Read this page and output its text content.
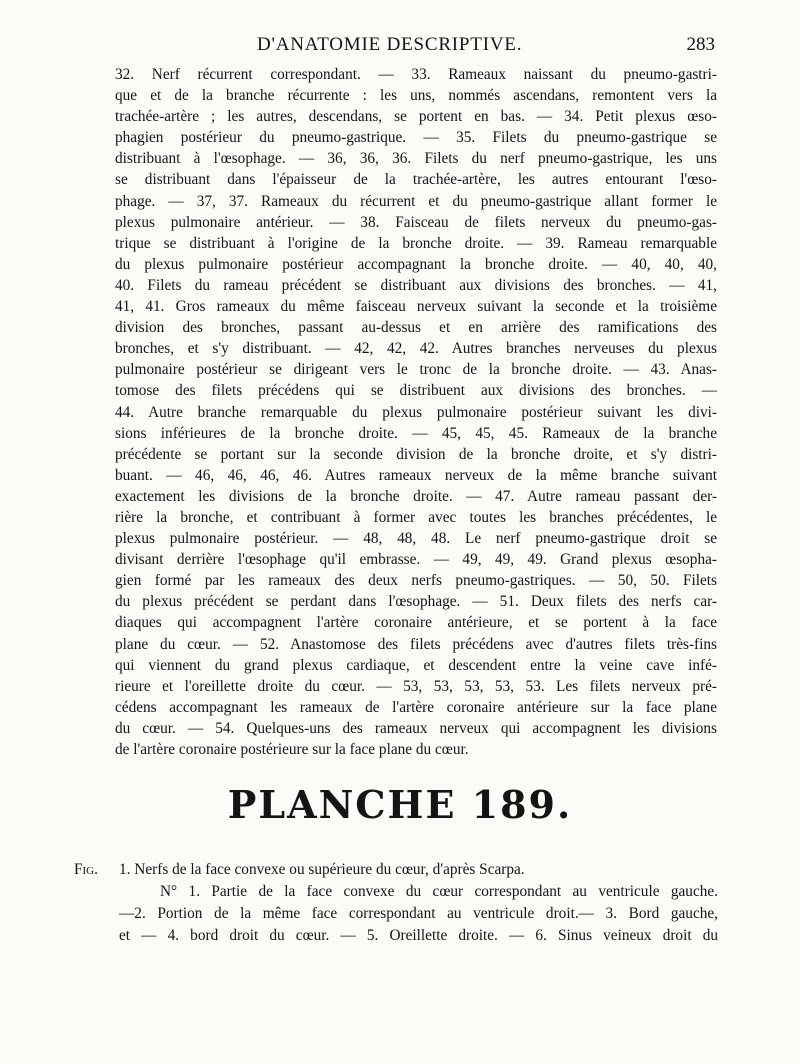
D'ANATOMIE DESCRIPTIVE.	283
32. Nerf récurrent correspondant. — 33. Rameaux naissant du pneumo-gastri-
que et de la branche récurrente : les uns, nommés ascendans, remontent vers la
trachée-artère ; les autres, descendans, se portent en bas. — 34. Petit plexus œso-
phagien postérieur du pneumo-gastrique. — 35. Filets du pneumo-gastrique se
distribuant à l'œsophage. — 36, 36, 36. Filets du nerf pneumo-gastrique, les uns
se distribuant dans l'épaisseur de la trachée-artère, les autres entourant l'œso-
phage. — 37, 37. Rameaux du récurrent et du pneumo-gastrique allant former le
plexus pulmonaire antérieur. — 38. Faisceau de filets nerveux du pneumo-gas-
trique se distribuant à l'origine de la bronche droite. — 39. Rameau remarquable
du plexus pulmonaire postérieur accompagnant la bronche droite. — 40, 40, 40,
40. Filets du rameau précédent se distribuant aux divisions des bronches. — 41,
41, 41. Gros rameaux du même faisceau nerveux suivant la seconde et la troisième
division des bronches, passant au-dessus et en arrière des ramifications des
bronches, et s'y distribuant. — 42, 42, 42. Autres branches nerveuses du plexus
pulmonaire postérieur se dirigeant vers le tronc de la bronche droite. — 43. Anas-
tomose des filets précédens qui se distribuent aux divisions des bronches. —
44. Autre branche remarquable du plexus pulmonaire postérieur suivant les divi-
sions inférieures de la bronche droite. — 45, 45, 45. Rameaux de la branche
précédente se portant sur la seconde division de la bronche droite, et s'y distri-
buant. — 46, 46, 46, 46. Autres rameaux nerveux de la même branche suivant
exactement les divisions de la bronche droite. — 47. Autre rameau passant der-
rière la bronche, et contribuant à former avec toutes les branches précédentes, le
plexus pulmonaire postérieur. — 48, 48, 48. Le nerf pneumo-gastrique droit se
divisant derrière l'œsophage qu'il embrasse. — 49, 49, 49. Grand plexus œsopha-
gien formé par les rameaux des deux nerfs pneumo-gastriques. — 50, 50. Filets
du plexus précédent se perdant dans l'œsophage. — 51. Deux filets des nerfs car-
diaques qui accompagnent l'artère coronaire antérieure, et se portent à la face
plane du cœur. — 52. Anastomose des filets précédens avec d'autres filets très-fins
qui viennent du grand plexus cardiaque, et descendent entre la veine cave infé-
rieure et l'oreillette droite du cœur. — 53, 53, 53, 53, 53. Les filets nerveux pré-
cédens accompagnant les rameaux de l'artère coronaire antérieure sur la face plane
du cœur. — 54. Quelques-uns des rameaux nerveux qui accompagnent les divisions
de l'artère coronaire postérieure sur la face plane du cœur.
PLANCHE 189.
Fig. 1. Nerfs de la face convexe ou supérieure du cœur, d'après Scarpa.
N° 1. Partie de la face convexe du cœur correspondant au ventricule gauche.
—2. Portion de la même face correspondant au ventricule droit.— 3. Bord gauche,
et — 4. bord droit du cœur. — 5. Oreillette droite. — 6. Sinus veineux droit du
